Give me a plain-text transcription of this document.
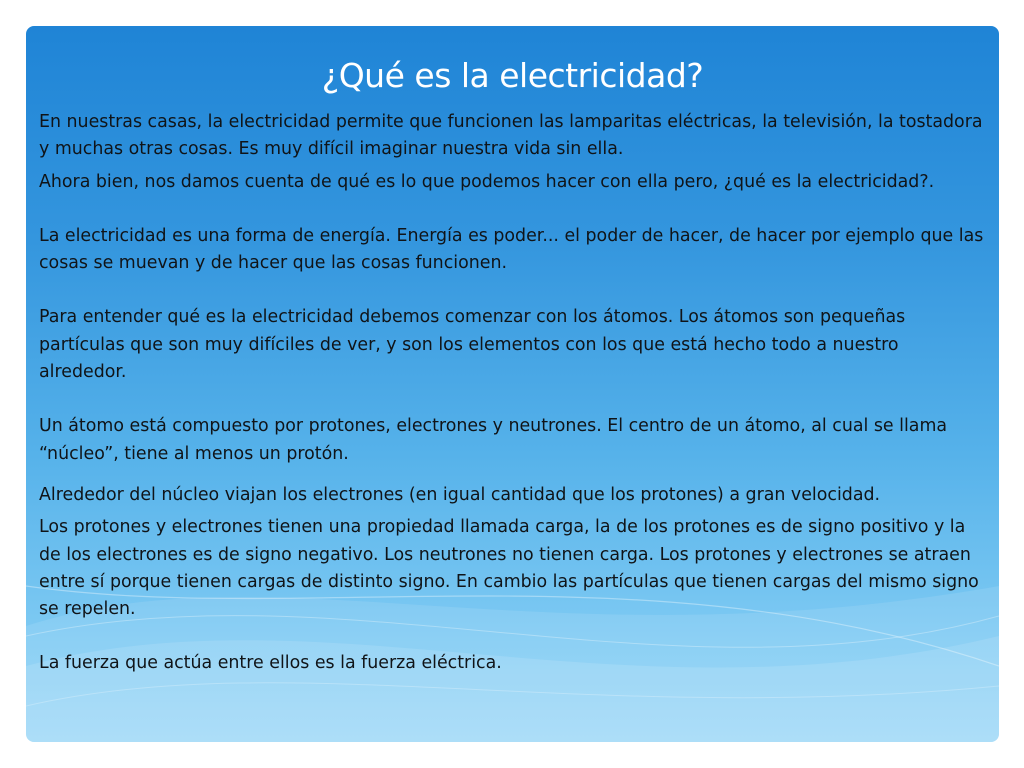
¿Qué es la electricidad?

En nuestras casas, la electricidad permite que funcionen las lamparitas eléctricas, la televisión, la tostadora y muchas otras cosas. Es muy difícil imaginar nuestra vida sin ella.

Ahora bien, nos damos cuenta de qué es lo que podemos hacer con ella pero, ¿qué es la electricidad?.

La electricidad es una forma de energía. Energía es poder... el poder de hacer, de hacer por ejemplo que las cosas se muevan y de hacer que las cosas funcionen.

Para entender qué es la electricidad debemos comenzar con los átomos. Los átomos son pequeñas partículas que son muy difíciles de ver, y son los elementos con los que está hecho todo a nuestro alrededor.

Un átomo está compuesto por protones, electrones y neutrones. El centro de un átomo, al cual se llama “núcleo”, tiene al menos un protón.

Alrededor del núcleo viajan los electrones (en igual cantidad que los protones) a gran velocidad.

Los protones y electrones tienen una propiedad llamada carga, la de los protones es de signo positivo y la de los electrones es de signo negativo. Los neutrones no tienen carga. Los protones y electrones se atraen entre sí porque tienen cargas de distinto signo. En cambio las partículas que tienen cargas del mismo signo se repelen.

La fuerza que actúa entre ellos es la fuerza eléctrica.
